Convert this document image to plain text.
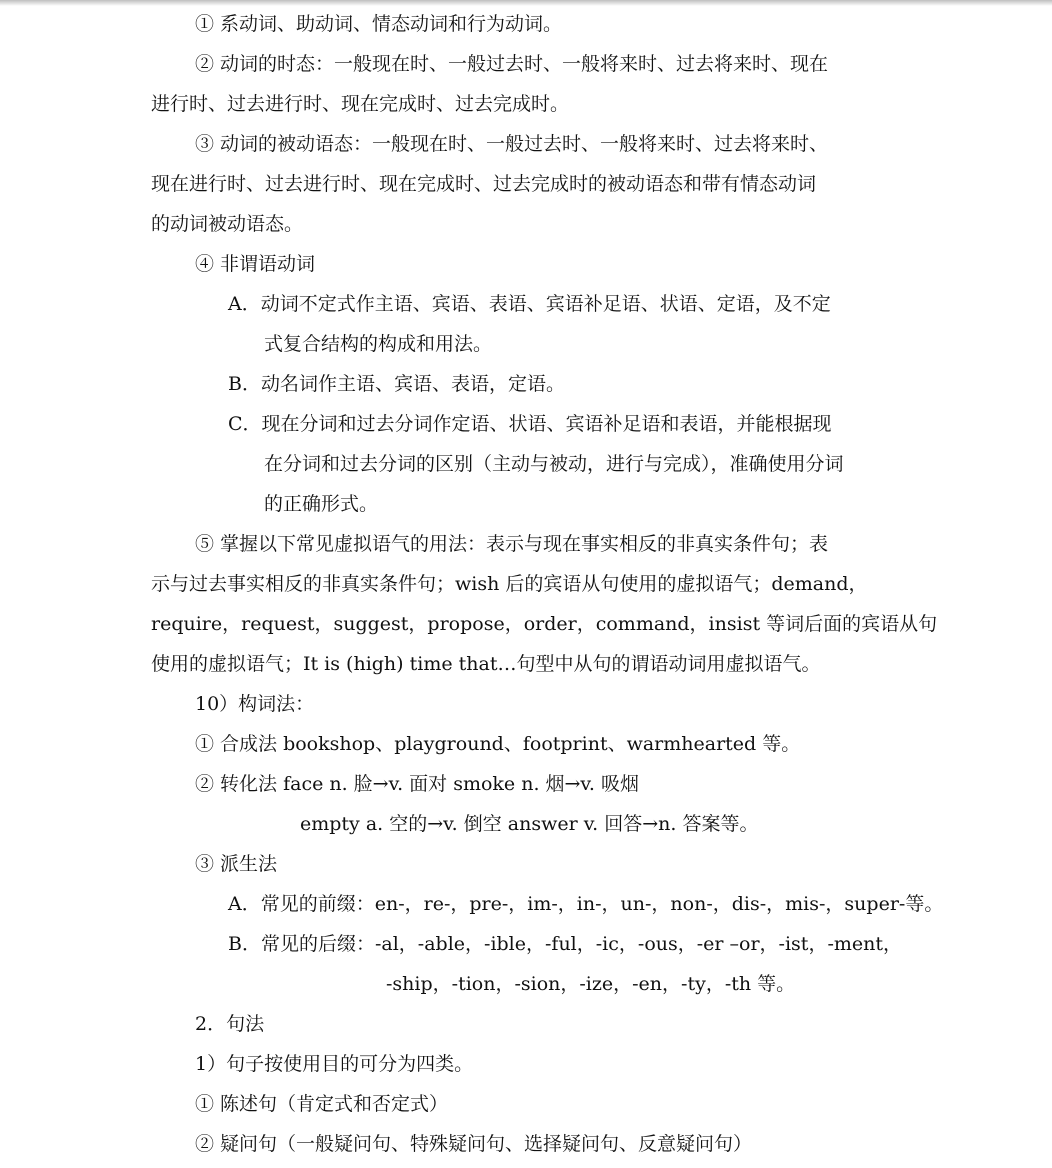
① 系动词、助动词、情态动词和行为动词。
② 动词的时态：一般现在时、一般过去时、一般将来时、过去将来时、现在
进行时、过去进行时、现在完成时、过去完成时。
③ 动词的被动语态：一般现在时、一般过去时、一般将来时、过去将来时、
现在进行时、过去进行时、现在完成时、过去完成时的被动语态和带有情态动词
的动词被动语态。
④ 非谓语动词
A．动词不定式作主语、宾语、表语、宾语补足语、状语、定语，及不定
式复合结构的构成和用法。
B．动名词作主语、宾语、表语，定语。
C．现在分词和过去分词作定语、状语、宾语补足语和表语，并能根据现
在分词和过去分词的区别（主动与被动，进行与完成），准确使用分词
的正确形式。
⑤ 掌握以下常见虚拟语气的用法：表示与现在事实相反的非真实条件句；表
示与过去事实相反的非真实条件句；wish 后的宾语从句使用的虚拟语气；demand，
require，request，suggest，propose，order，command，insist 等词后面的宾语从句
使用的虚拟语气；It is (high) time that…句型中从句的谓语动词用虚拟语气。
10）构词法：
① 合成法 bookshop、playground、footprint、warmhearted 等。
② 转化法 face n. 脸→v. 面对 smoke n. 烟→v. 吸烟
empty a. 空的→v. 倒空 answer v. 回答→n. 答案等。
③ 派生法
A．常见的前缀：en-，re-，pre-，im-，in-，un-，non-，dis-，mis-，super-等。
B．常见的后缀：-al，-able，-ible，-ful，-ic，-ous，-er –or，-ist，-ment，
-ship，-tion，-sion，-ize，-en，-ty，-th 等。
2．句法
1）句子按使用目的可分为四类。
① 陈述句（肯定式和否定式）
② 疑问句（一般疑问句、特殊疑问句、选择疑问句、反意疑问句）
